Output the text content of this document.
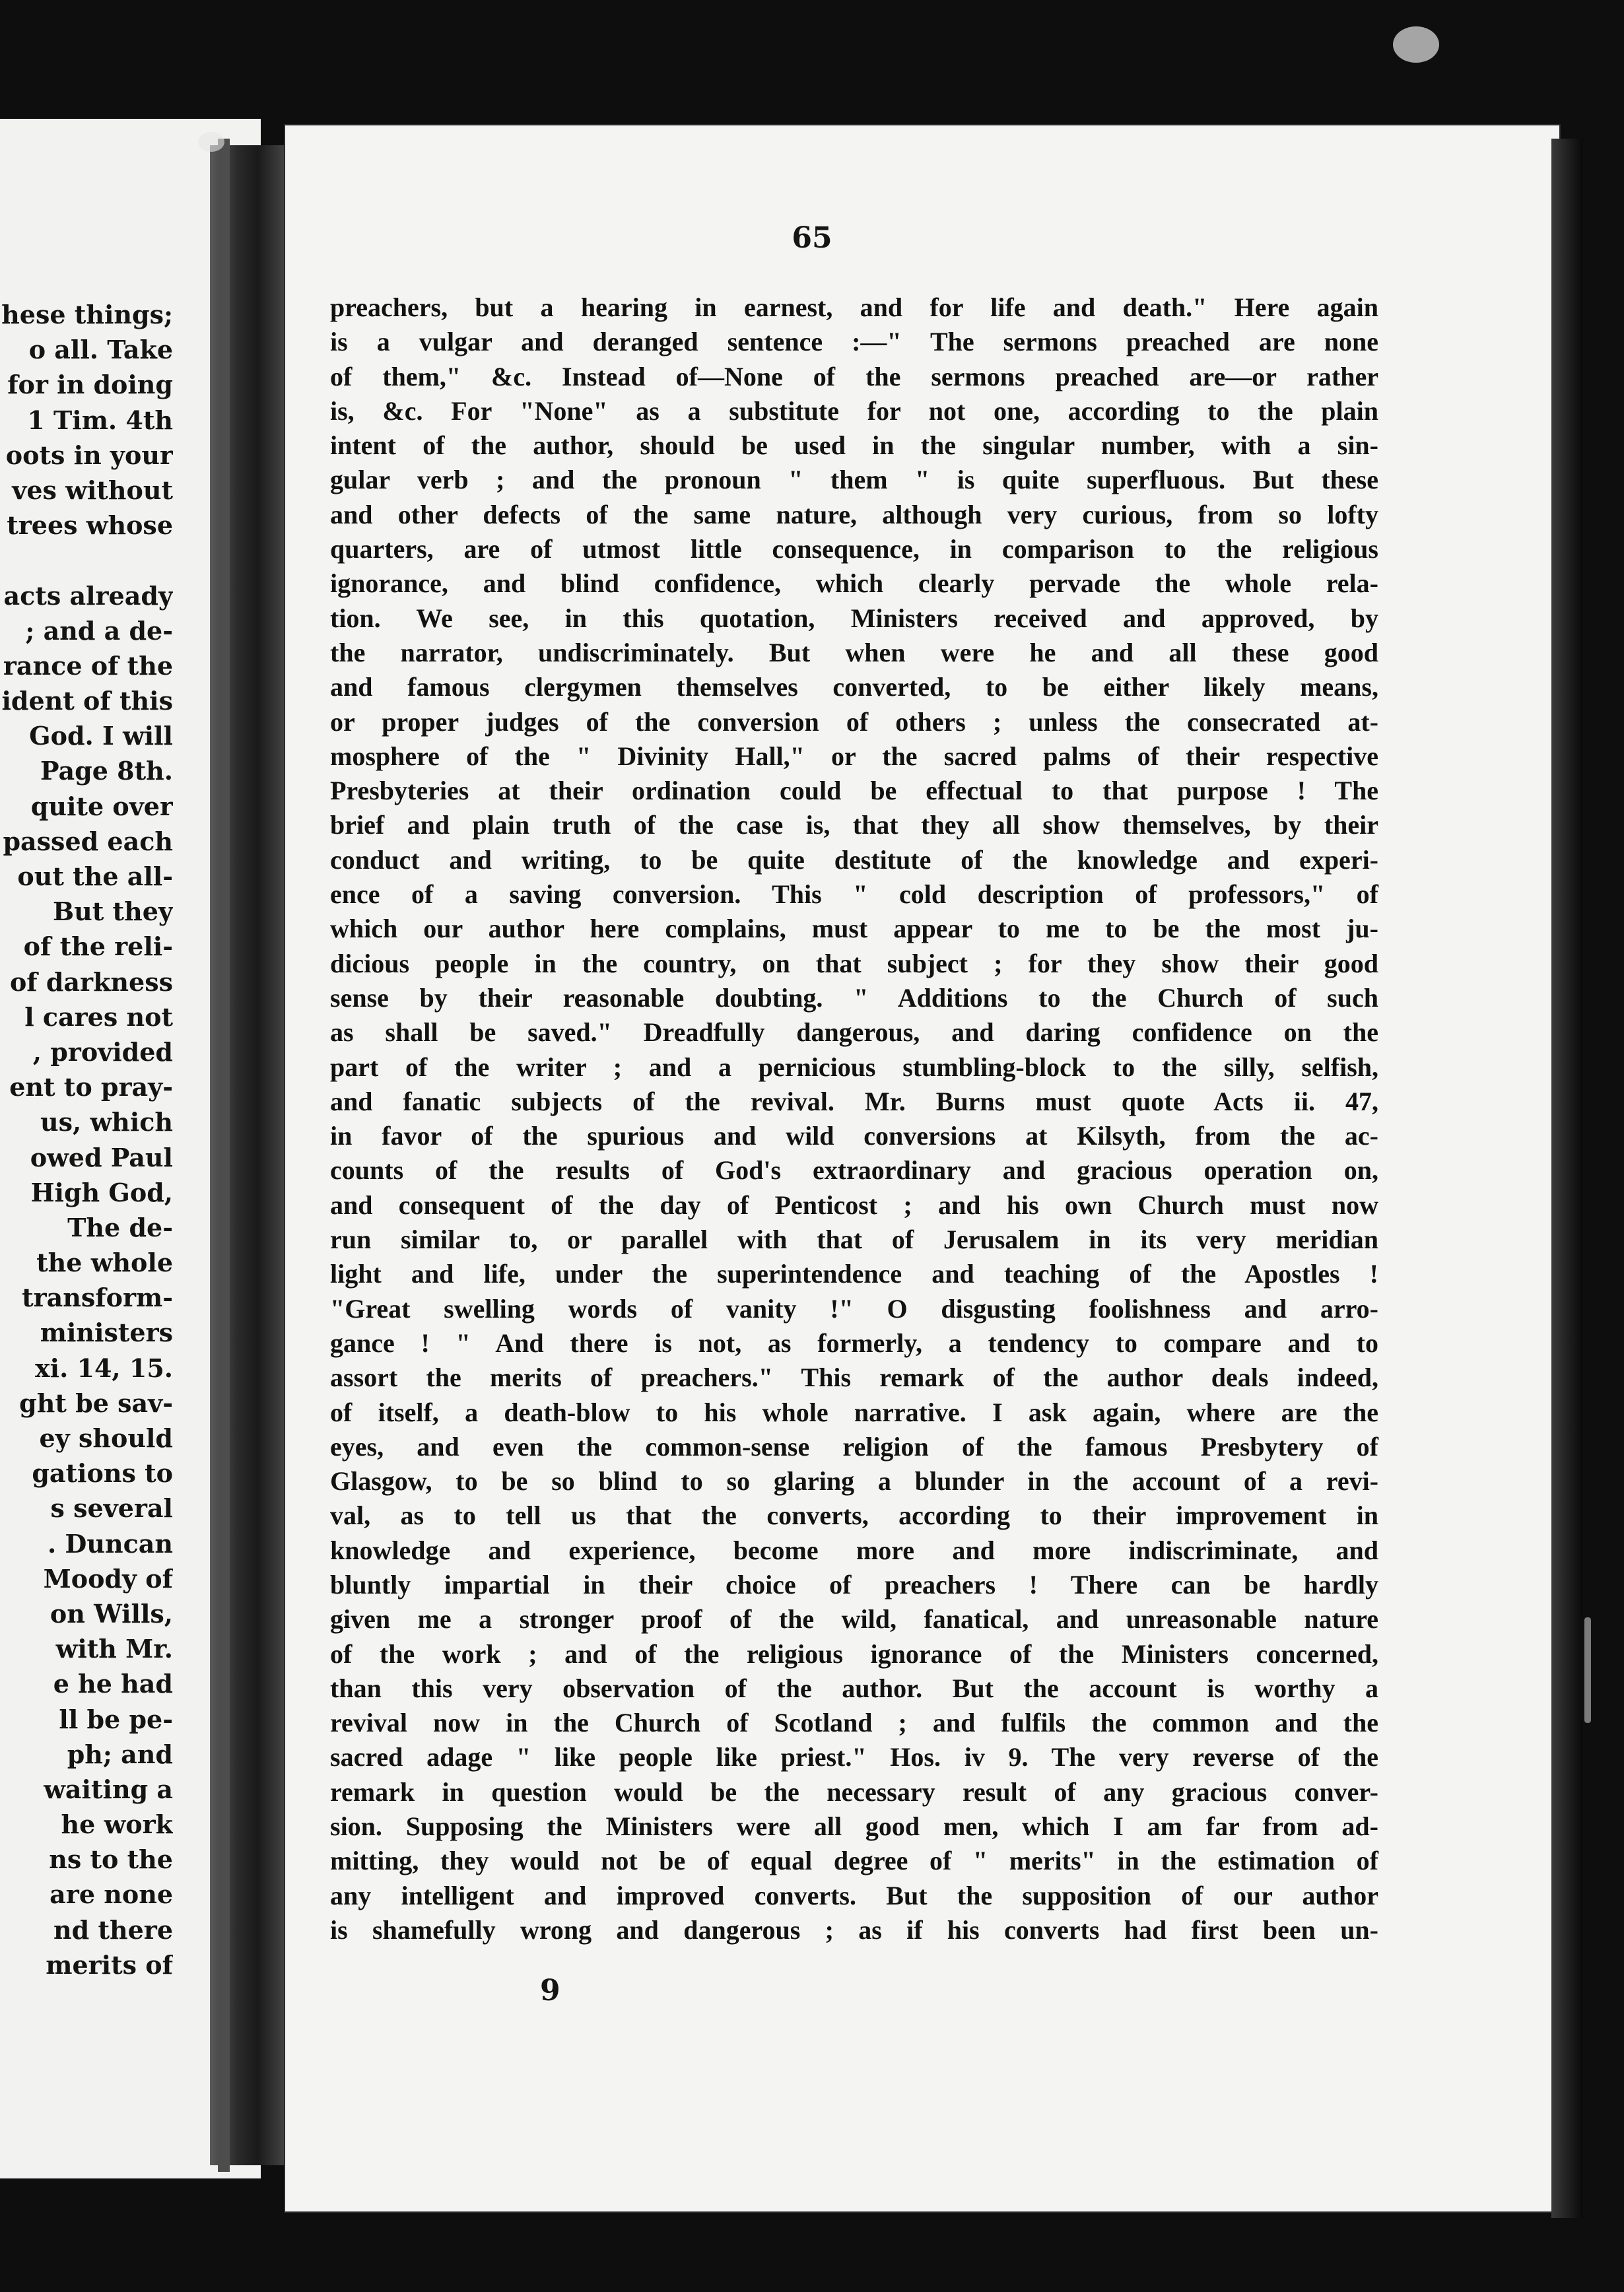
hese things;
o all. Take
for in doing
1 Tim. 4th
oots in your
ves without
trees whose
acts already
; and a de-
rance of the
ident of this
God. I will
Page 8th.
quite over
passed each
out the all-
But they
of the reli-
of darkness
l cares not
, provided
ent to pray-
us, which
owed Paul
High God,
The de-
the whole
transform-
ministers
xi. 14, 15.
ght be sav-
ey should
gations to
s several
. Duncan
Moody of
on Wills,
with Mr.
e he had
ll be pe-
ph; and
waiting a
he work
ns to the
are none
nd there
merits of
65
preachers, but a hearing in earnest, and for life and death." Here again
is a vulgar and deranged sentence :—" The sermons preached are none
of them," &c. Instead of—None of the sermons preached are—or rather
is, &c. For "None" as a substitute for not one, according to the plain
intent of the author, should be used in the singular number, with a sin-
gular verb ; and the pronoun " them " is quite superfluous. But these
and other defects of the same nature, although very curious, from so lofty
quarters, are of utmost little consequence, in comparison to the religious
ignorance, and blind confidence, which clearly pervade the whole rela-
tion. We see, in this quotation, Ministers received and approved, by
the narrator, undiscriminately. But when were he and all these good
and famous clergymen themselves converted, to be either likely means,
or proper judges of the conversion of others ; unless the consecrated at-
mosphere of the " Divinity Hall," or the sacred palms of their respective
Presbyteries at their ordination could be effectual to that purpose ! The
brief and plain truth of the case is, that they all show themselves, by their
conduct and writing, to be quite destitute of the knowledge and experi-
ence of a saving conversion. This " cold description of professors," of
which our author here complains, must appear to me to be the most ju-
dicious people in the country, on that subject ; for they show their good
sense by their reasonable doubting. " Additions to the Church of such
as shall be saved." Dreadfully dangerous, and daring confidence on the
part of the writer ; and a pernicious stumbling-block to the silly, selfish,
and fanatic subjects of the revival. Mr. Burns must quote Acts ii. 47,
in favor of the spurious and wild conversions at Kilsyth, from the ac-
counts of the results of God's extraordinary and gracious operation on,
and consequent of the day of Penticost ; and his own Church must now
run similar to, or parallel with that of Jerusalem in its very meridian
light and life, under the superintendence and teaching of the Apostles !
"Great swelling words of vanity !" O disgusting foolishness and arro-
gance ! " And there is not, as formerly, a tendency to compare and to
assort the merits of preachers." This remark of the author deals indeed,
of itself, a death-blow to his whole narrative. I ask again, where are the
eyes, and even the common-sense religion of the famous Presbytery of
Glasgow, to be so blind to so glaring a blunder in the account of a revi-
val, as to tell us that the converts, according to their improvement in
knowledge and experience, become more and more indiscriminate, and
bluntly impartial in their choice of preachers ! There can be hardly
given me a stronger proof of the wild, fanatical, and unreasonable nature
of the work ; and of the religious ignorance of the Ministers concerned,
than this very observation of the author. But the account is worthy a
revival now in the Church of Scotland ; and fulfils the common and the
sacred adage " like people like priest." Hos. iv 9. The very reverse of the
remark in question would be the necessary result of any gracious conver-
sion. Supposing the Ministers were all good men, which I am far from ad-
mitting, they would not be of equal degree of " merits" in the estimation of
any intelligent and improved converts. But the supposition of our author
is shamefully wrong and dangerous ; as if his converts had first been un-
9
